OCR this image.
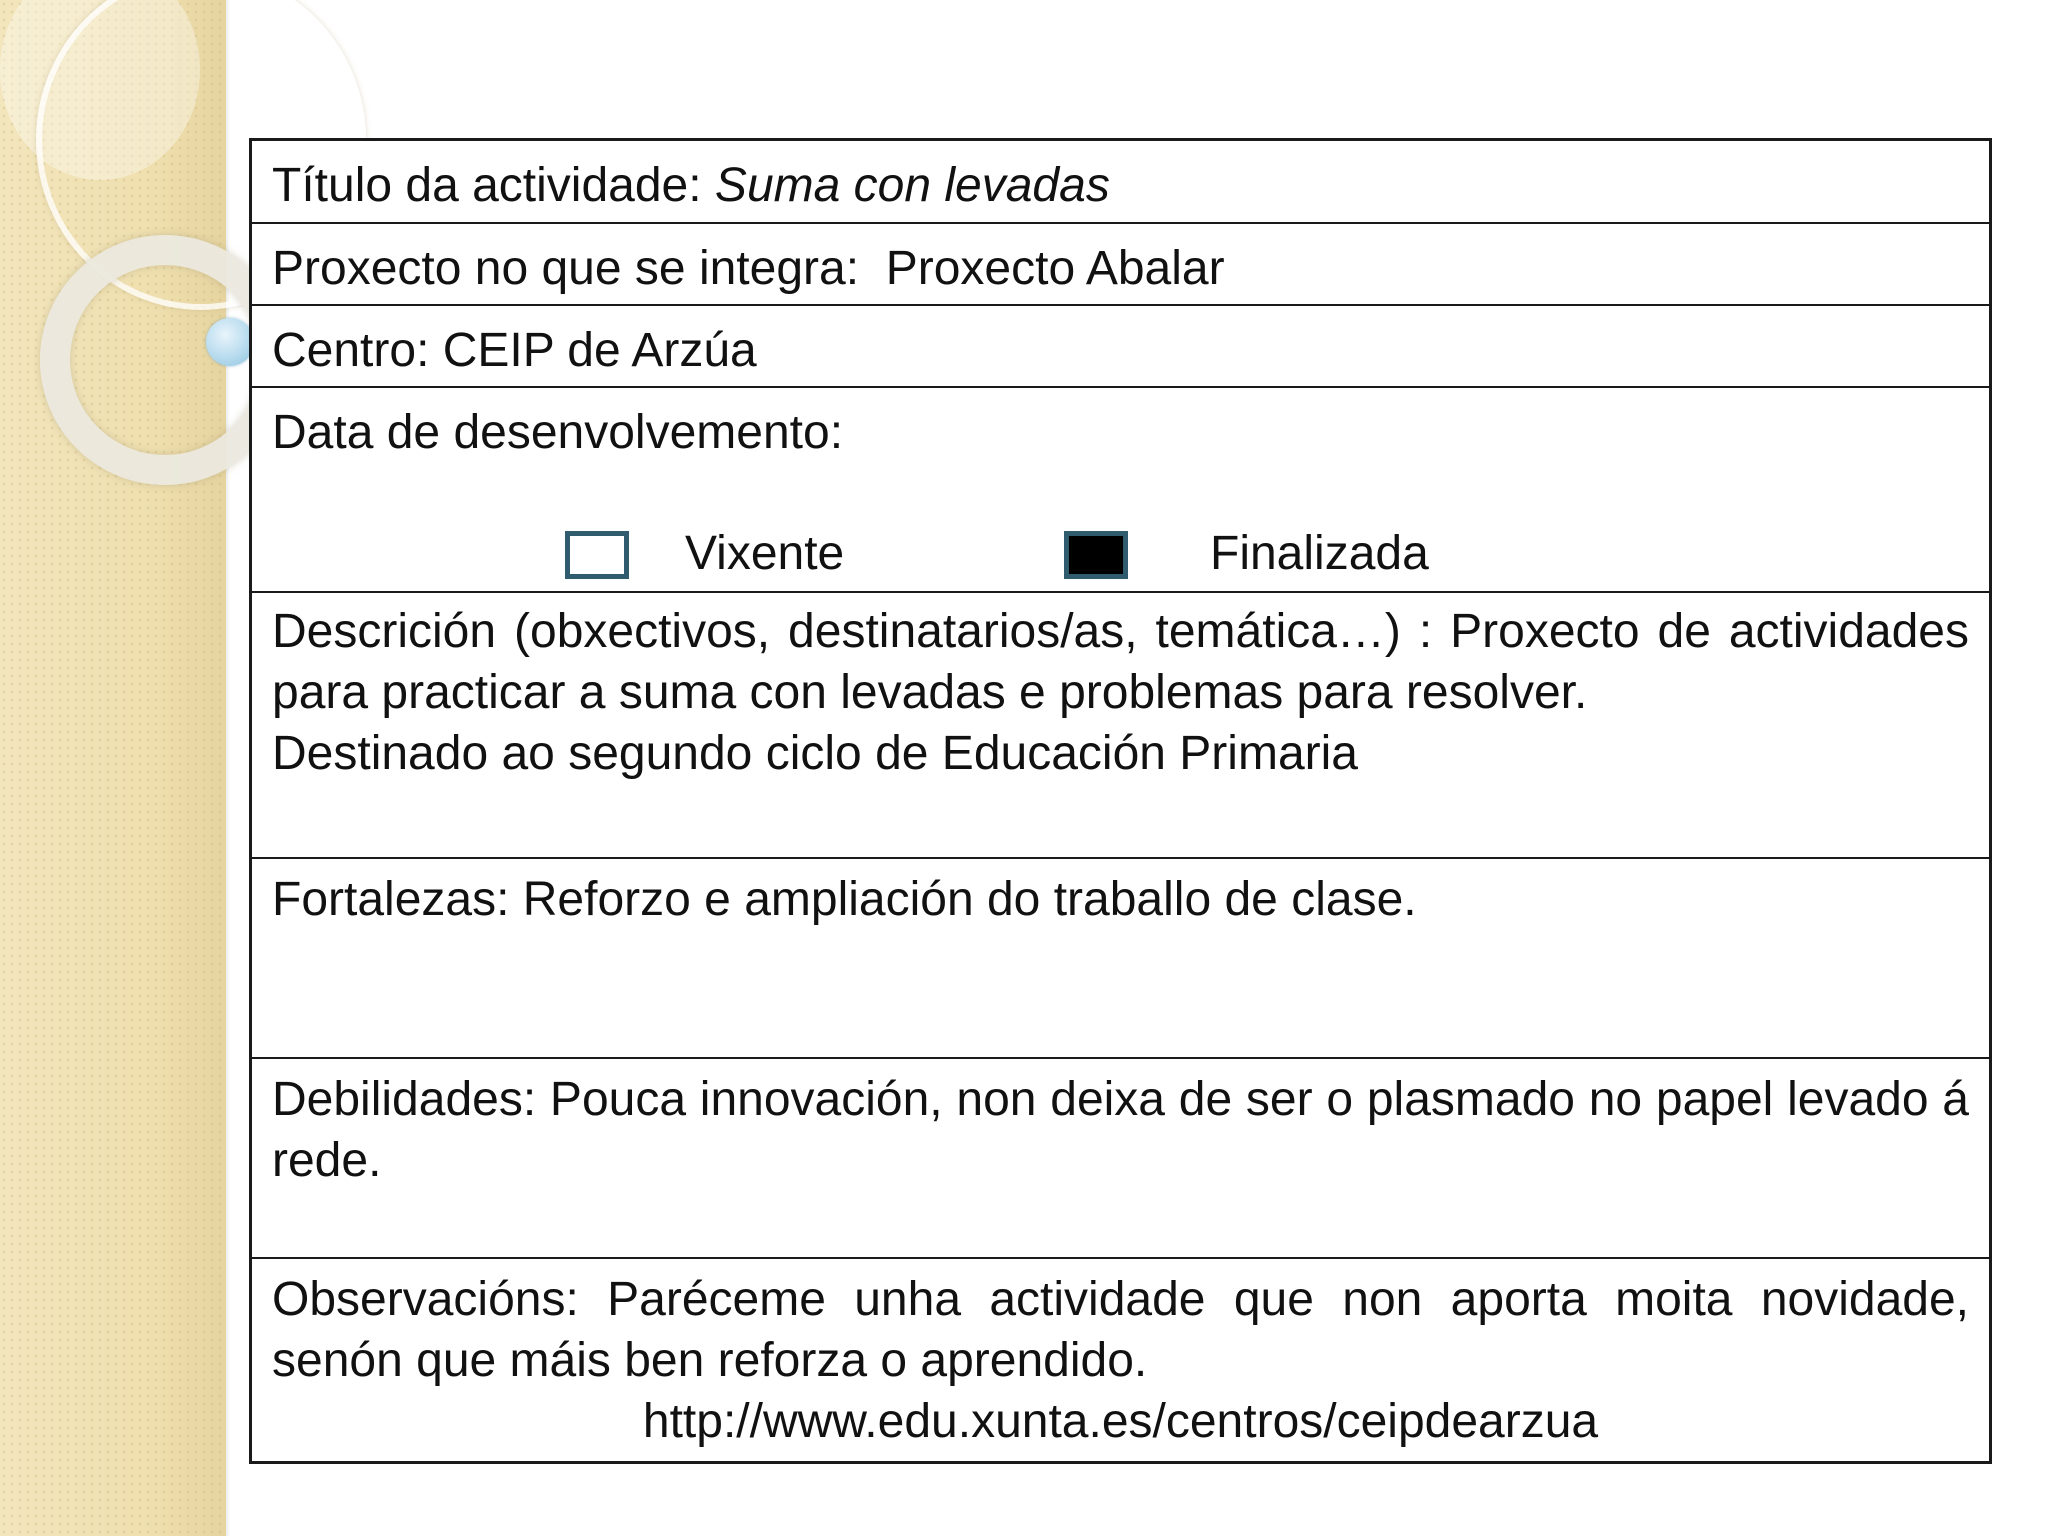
Título da actividade: Suma con levadas
Proxecto no que se integra:  Proxecto Abalar
Centro: CEIP de Arzúa
Data de desenvolvemento:
Vixente	Finalizada
Descrición (obxectivos, destinatarios/as, temática…) : Proxecto de actividades para practicar a suma con levadas e problemas para resolver.
Destinado ao segundo ciclo de Educación Primaria
Fortalezas: Reforzo e ampliación do traballo de clase.
Debilidades: Pouca innovación, non deixa de ser o plasmado no papel levado á rede.
Observacións: Paréceme unha actividade que non aporta moita novidade, senón que máis ben reforza o aprendido.
http://www.edu.xunta.es/centros/ceipdearzua
